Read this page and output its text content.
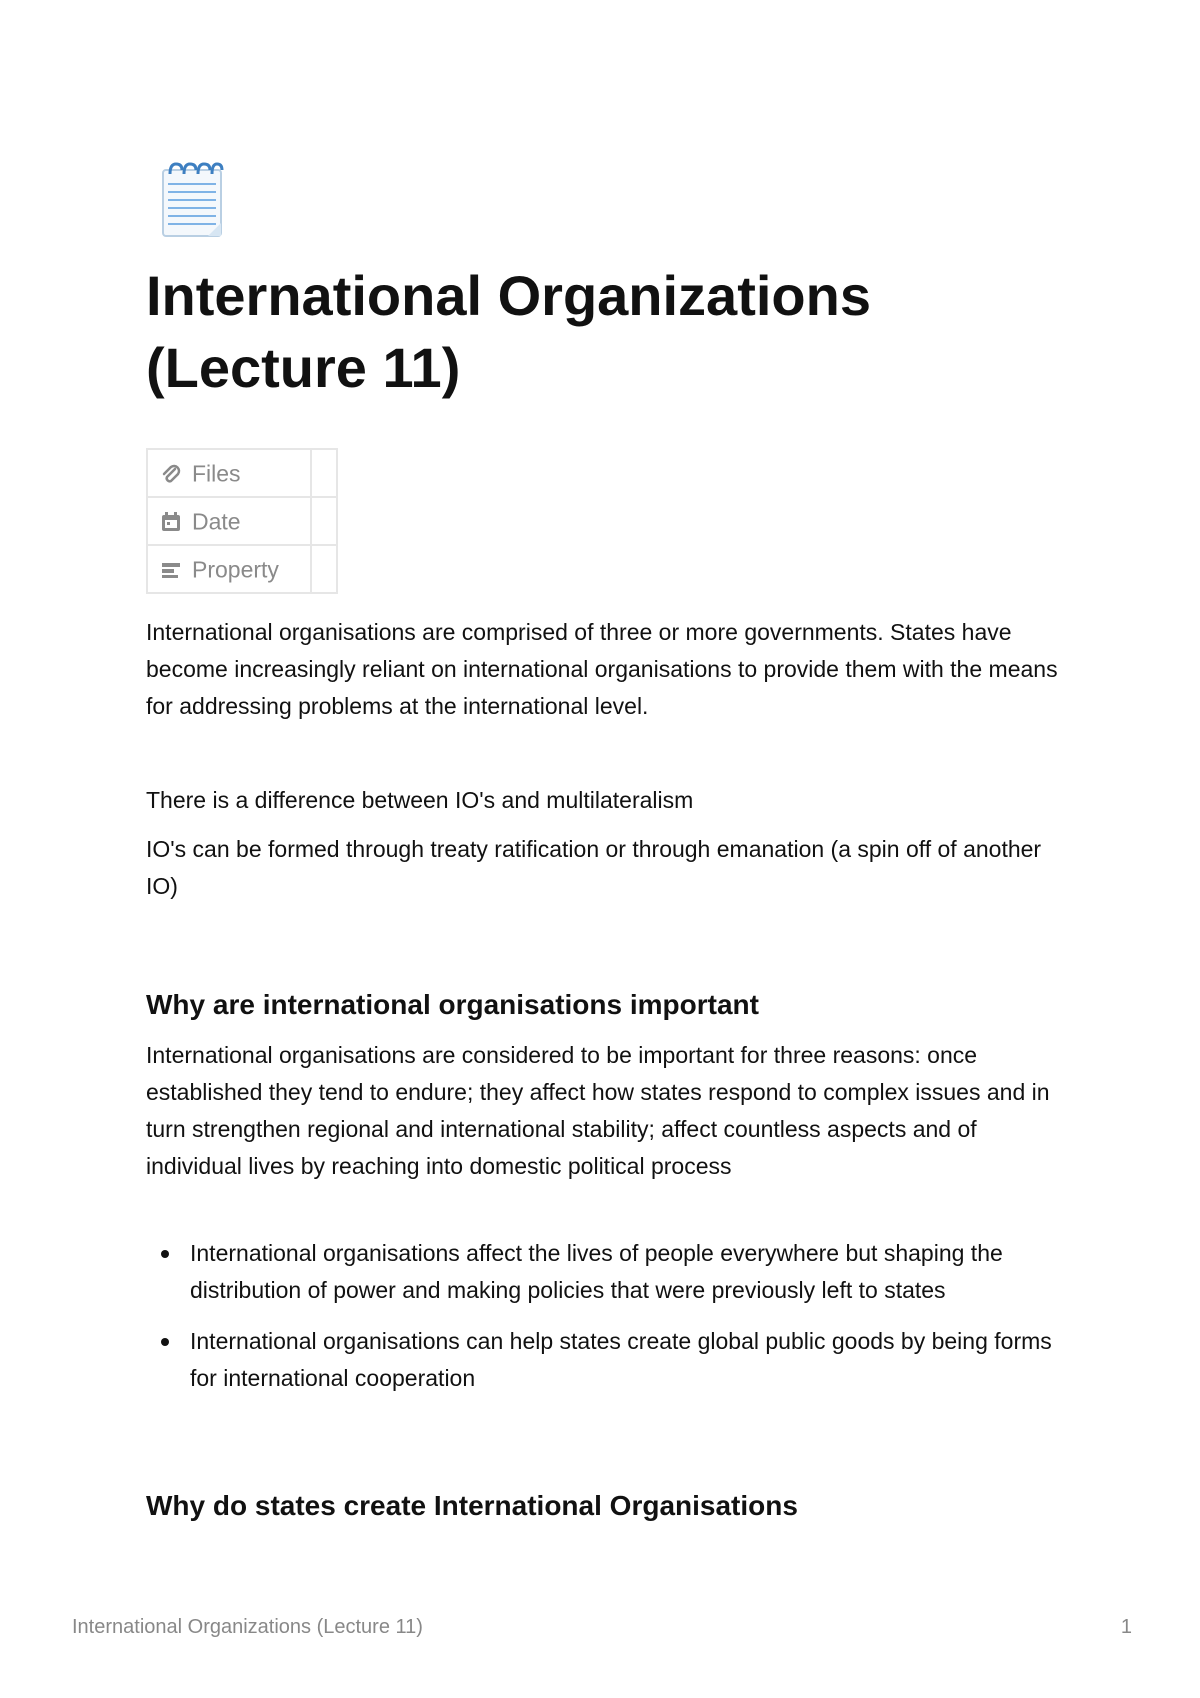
International Organizations (Lecture 11)
Files	
Date	
Property	

International organisations are comprised of three or more governments. States have become increasingly reliant on international organisations to provide them with the means for addressing problems at the international level.

There is a difference between IO's and multilateralism

IO's can be formed through treaty ratification or through emanation (a spin off of another IO)

Why are international organisations important

International organisations are considered to be important for three reasons: once established they tend to endure; they affect how states respond to complex issues and in turn strengthen regional and international stability; affect countless aspects and of individual lives by reaching into domestic political process

International organisations affect the lives of people everywhere but shaping the distribution of power and making policies that were previously left to states
International organisations can help states create global public goods by being forms for international cooperation
Why do states create International Organisations
International Organizations (Lecture 11)	1
